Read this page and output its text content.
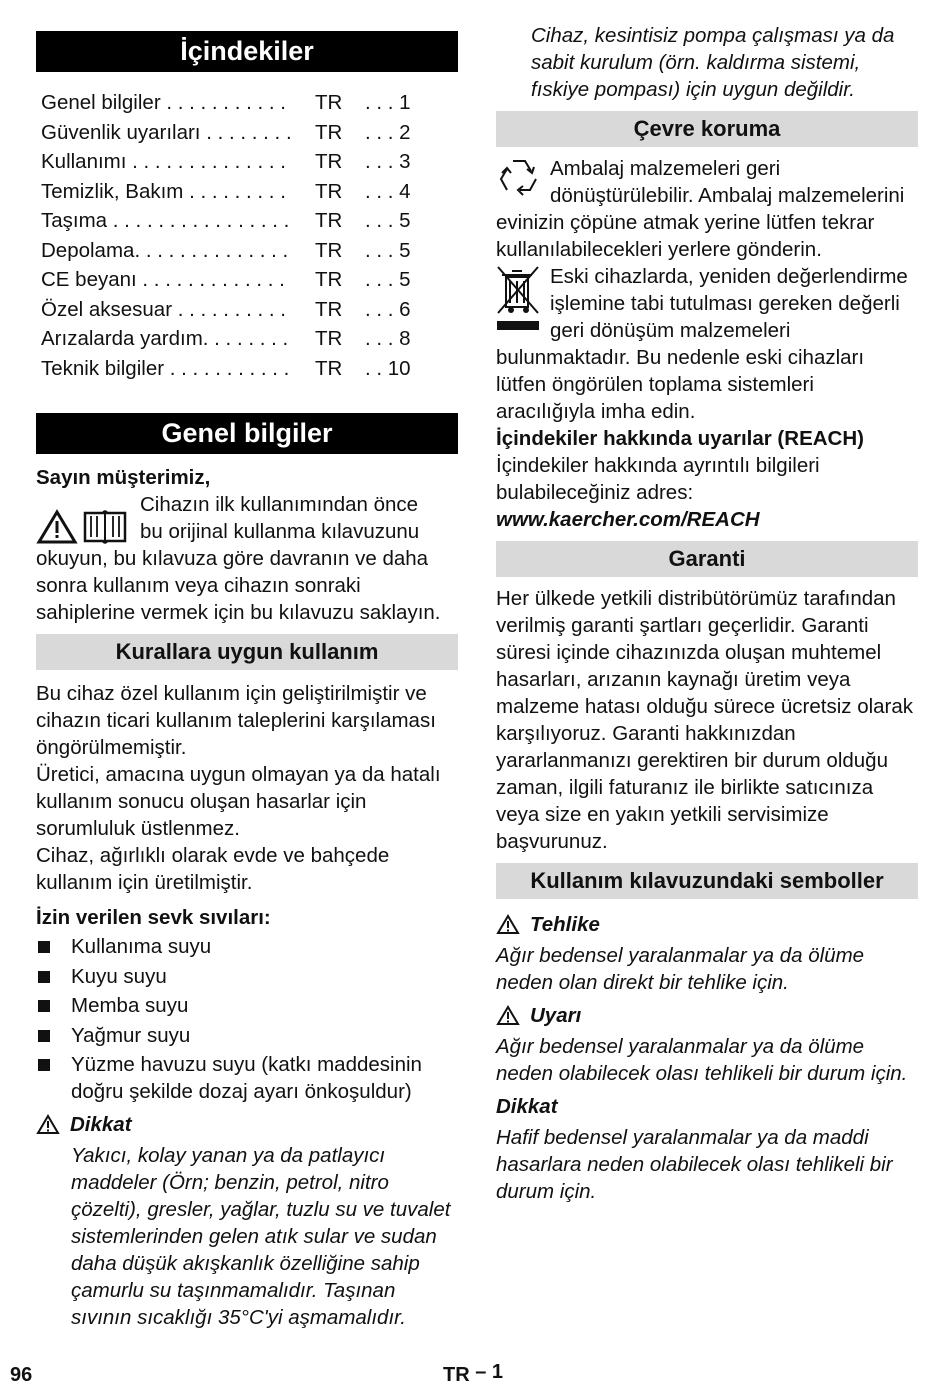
İçindekiler
Genel bilgiler . . . . . . . . . . .	TR	. . . 1
Güvenlik uyarıları . . . . . . . .	TR	. . . 2
Kullanımı . . . . . . . . . . . . . .	TR	. . . 3
Temizlik, Bakım . . . . . . . . .	TR	. . . 4
Taşıma . . . . . . . . . . . . . . . .	TR	. . . 5
Depolama. . . . . . . . . . . . . .	TR	. . . 5
CE beyanı . . . . . . . . . . . . .	TR	. . . 5
Özel aksesuar . . . . . . . . . .	TR	. . . 6
Arızalarda yardım. . . . . . . .	TR	. . . 8
Teknik bilgiler . . . . . . . . . . .	TR	. . 10
Genel bilgiler

Sayın müşterimiz,

Cihazın ilk kullanımından önce

bu orijinal kullanma kılavuzunu

okuyun, bu kılavuza göre davranın ve daha sonra kullanım veya cihazın sonraki sahiplerine vermek için bu kılavuzu saklayın.

Kurallara uygun kullanım

Bu cihaz özel kullanım için geliştirilmiştir ve cihazın ticari kullanım taleplerini karşılaması öngörülmemiştir.

Üretici, amacına uygun olmayan ya da hatalı kullanım sonucu oluşan hasarlar için sorumluluk üstlenmez.

Cihaz, ağırlıklı olarak evde ve bahçede kullanım için üretilmiştir.

İzin verilen sevk sıvıları:

Kullanıma suyu
Kuyu suyu
Memba suyu
Yağmur suyu
Yüzme havuzu suyu (katkı maddesinin doğru şekilde dozaj ayarı önkoşuldur)
Dikkat

Yakıcı, kolay yanan ya da patlayıcı maddeler (Örn; benzin, petrol, nitro çözelti), gresler, yağlar, tuzlu su ve tuvalet sistemlerinden gelen atık sular ve sudan daha düşük akışkanlık özelliğine sahip çamurlu su taşınmamalıdır. Taşınan sıvının sıcaklığı 35°C'yi aşmamalıdır.

Cihaz, kesintisiz pompa çalışması ya da sabit kurulum (örn. kaldırma sistemi, fıskiye pompası) için uygun değildir.

Çevre koruma

Ambalaj malzemeleri geri dönüştürülebilir. Ambalaj malzemelerini evinizin çöpüne atmak yerine lütfen tekrar kullanılabilecekleri yerlere gönderin.

Eski cihazlarda, yeniden değerlendirme işlemine tabi tutulması gereken değerli geri dönüşüm malzemeleri bulunmaktadır. Bu nedenle eski cihazları lütfen öngörülen toplama sistemleri aracılığıyla imha edin.

İçindekiler hakkında uyarılar (REACH)

İçindekiler hakkında ayrıntılı bilgileri bulabileceğiniz adres:

www.kaercher.com/REACH

Garanti

Her ülkede yetkili distribütörümüz tarafından verilmiş garanti şartları geçerlidir. Garanti süresi içinde cihazınızda oluşan muhtemel hasarları, arızanın kaynağı üretim veya malzeme hatası olduğu sürece ücretsiz olarak karşılıyoruz. Garanti hakkınızdan yararlanmanızı gerektiren bir durum olduğu zaman, ilgili faturanız ile birlikte satıcınıza veya size en yakın yetkili servisimize başvurunuz.

Kullanım kılavuzundaki semboller
Tehlike

Ağır bedensel yaralanmalar ya da ölüme neden olan direkt bir tehlike için.

Uyarı

Ağır bedensel yaralanmalar ya da ölüme neden olabilecek olası tehlikeli bir durum için.

Dikkat

Hafif bedensel yaralanmalar ya da maddi hasarlara neden olabilecek olası tehlikeli bir durum için.

96	TR – 1
